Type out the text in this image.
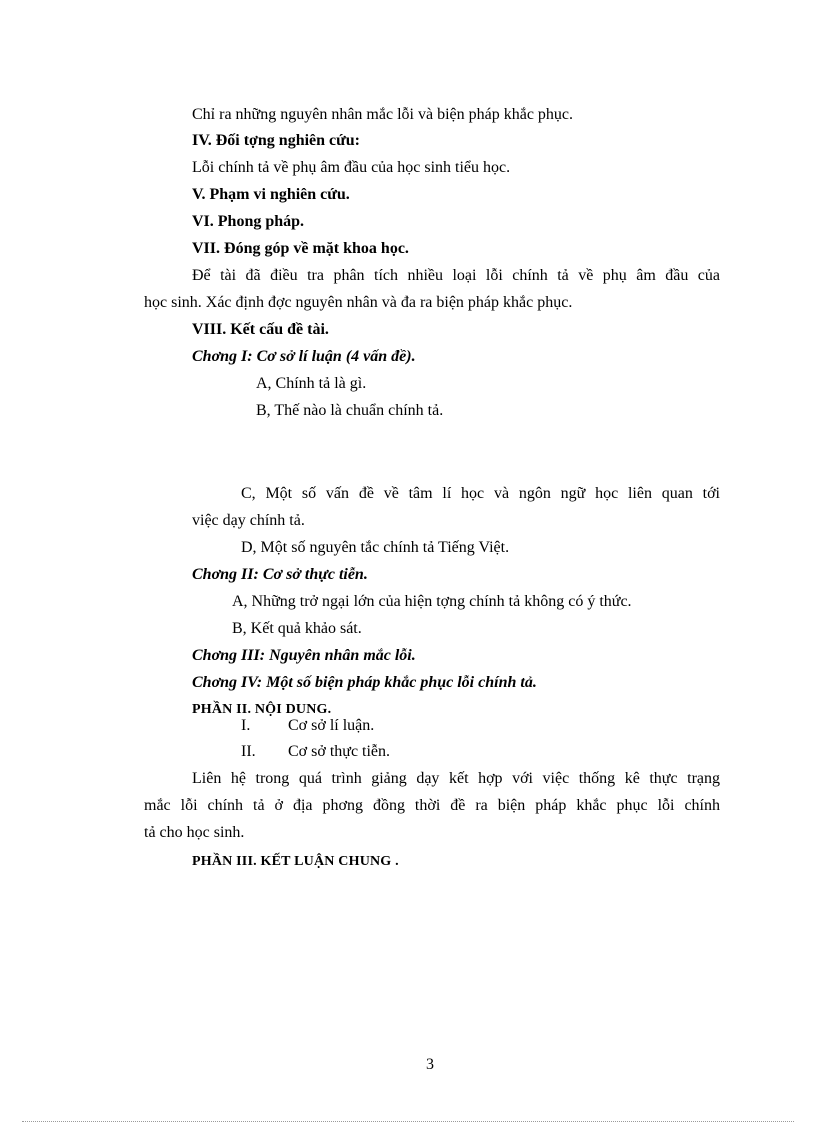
Chỉ ra những nguyên nhân mắc lỗi và biện pháp khắc phục.
IV. Đối tợng nghiên cứu:
Lỗi chính tả về phụ âm đầu của học sinh tiểu học.
V. Phạm vi nghiên cứu.
VI. Phong pháp.
VII. Đóng góp về mặt khoa học.
Để tài đã điều tra phân tích nhiều loại lỗi chính tả về phụ âm đầu của
học sinh. Xác định đợc nguyên nhân và đa ra biện pháp khắc phục.
VIII. Kết cấu đề tài.
Chơng I: Cơ sở lí luận (4 vấn đề).
A, Chính tả là gì.
B, Thế nào là chuẩn chính tả.
C, Một số vấn đề về tâm lí học và ngôn ngữ học liên quan tới
việc dạy chính tả.
D, Một số nguyên tắc chính tả Tiếng Việt.
Chơng II: Cơ sở thực tiễn.
A, Những trở ngại lớn của hiện tợng chính tả không có ý thức.
B, Kết quả khảo sát.
Chơng III: Nguyên nhân mắc lỗi.
Chơng IV: Một số biện pháp khắc phục lỗi chính tả.
PHẦN II. NỘI DUNG.
I. Cơ sở lí luận.
II. Cơ sở thực tiễn.
Liên hệ trong quá trình giảng dạy kết hợp với việc thống kê thực trạng
mắc lỗi chính tả ở địa phơng đồng thời đề ra biện pháp khắc phục lỗi chính
tả cho học sinh.
PHẦN III. KẾT LUẬN CHUNG .
3
